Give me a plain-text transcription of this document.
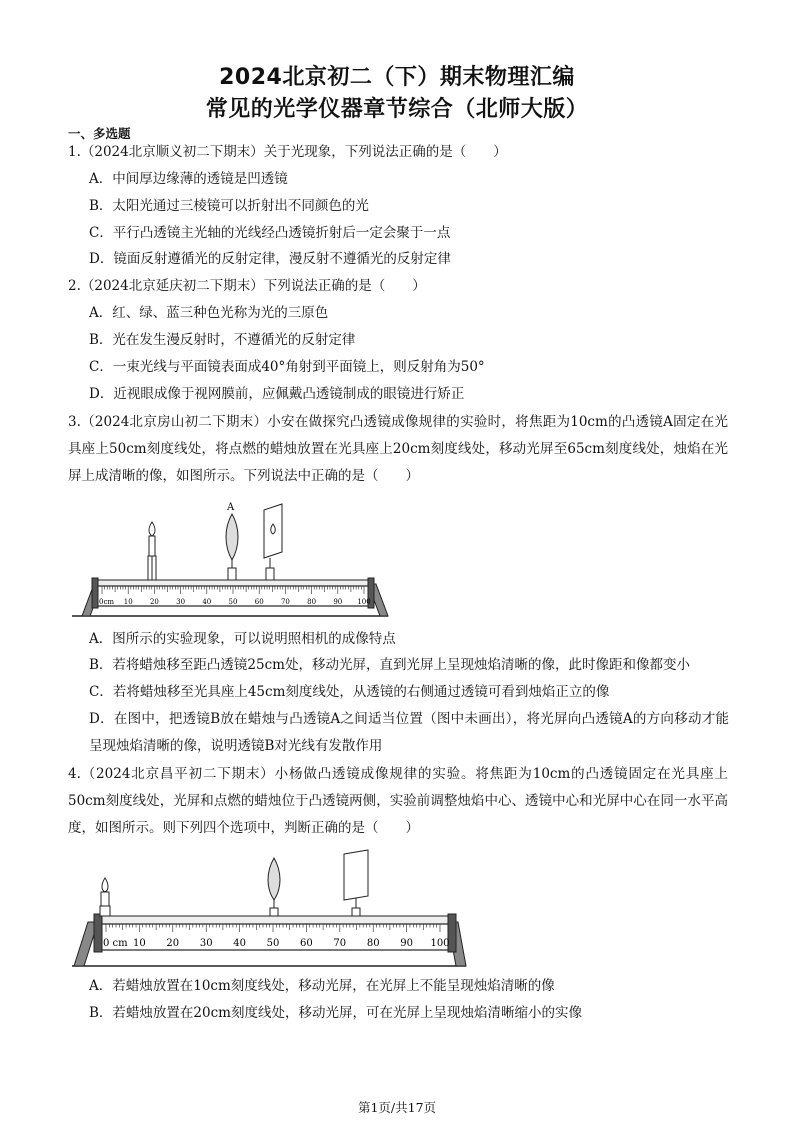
2024北京初二（下）期末物理汇编
常见的光学仪器章节综合（北师大版）
一、多选题

1.（2024北京顺义初二下期末）关于光现象，下列说法正确的是（　　）

A．中间厚边缘薄的透镜是凹透镜

B．太阳光通过三棱镜可以折射出不同颜色的光

C．平行凸透镜主光轴的光线经凸透镜折射后一定会聚于一点

D．镜面反射遵循光的反射定律，漫反射不遵循光的反射定律

2.（2024北京延庆初二下期末）下列说法正确的是（　　）

A．红、绿、蓝三种色光称为光的三原色

B．光在发生漫反射时，不遵循光的反射定律

C．一束光线与平面镜表面成40°角射到平面镜上，则反射角为50°

D．近视眼成像于视网膜前，应佩戴凸透镜制成的眼镜进行矫正

3.（2024北京房山初二下期末）小安在做探究凸透镜成像规律的实验时，将焦距为10cm的凸透镜A固定在光具座上50cm刻度线处，将点燃的蜡烛放置在光具座上20cm刻度线处，移动光屏至65cm刻度线处，烛焰在光屏上成清晰的像，如图所示。下列说法中正确的是（　　）

0cm 10 20 30 40 50 60 70 80 90 100
A

A．图所示的实验现象，可以说明照相机的成像特点

B．若将蜡烛移至距凸透镜25cm处，移动光屏，直到光屏上呈现烛焰清晰的像，此时像距和像都变小

C．若将蜡烛移至光具座上45cm刻度线处，从透镜的右侧通过透镜可看到烛焰正立的像

D．在图中，把透镜B放在蜡烛与凸透镜A之间适当位置（图中未画出），将光屏向凸透镜A的方向移动才能呈现烛焰清晰的像，说明透镜B对光线有发散作用

4.（2024北京昌平初二下期末）小杨做凸透镜成像规律的实验。将焦距为10cm的凸透镜固定在光具座上50cm刻度线处，光屏和点燃的蜡烛位于凸透镜两侧，实验前调整烛焰中心、透镜中心和光屏中心在同一水平高度，如图所示。则下列四个选项中，判断正确的是（　　）

0 cm 10 20 30 40 50 60 70 80 90 100

A．若蜡烛放置在10cm刻度线处，移动光屏，在光屏上不能呈现烛焰清晰的像

B．若蜡烛放置在20cm刻度线处，移动光屏，可在光屏上呈现烛焰清晰缩小的实像

第1页/共17页
